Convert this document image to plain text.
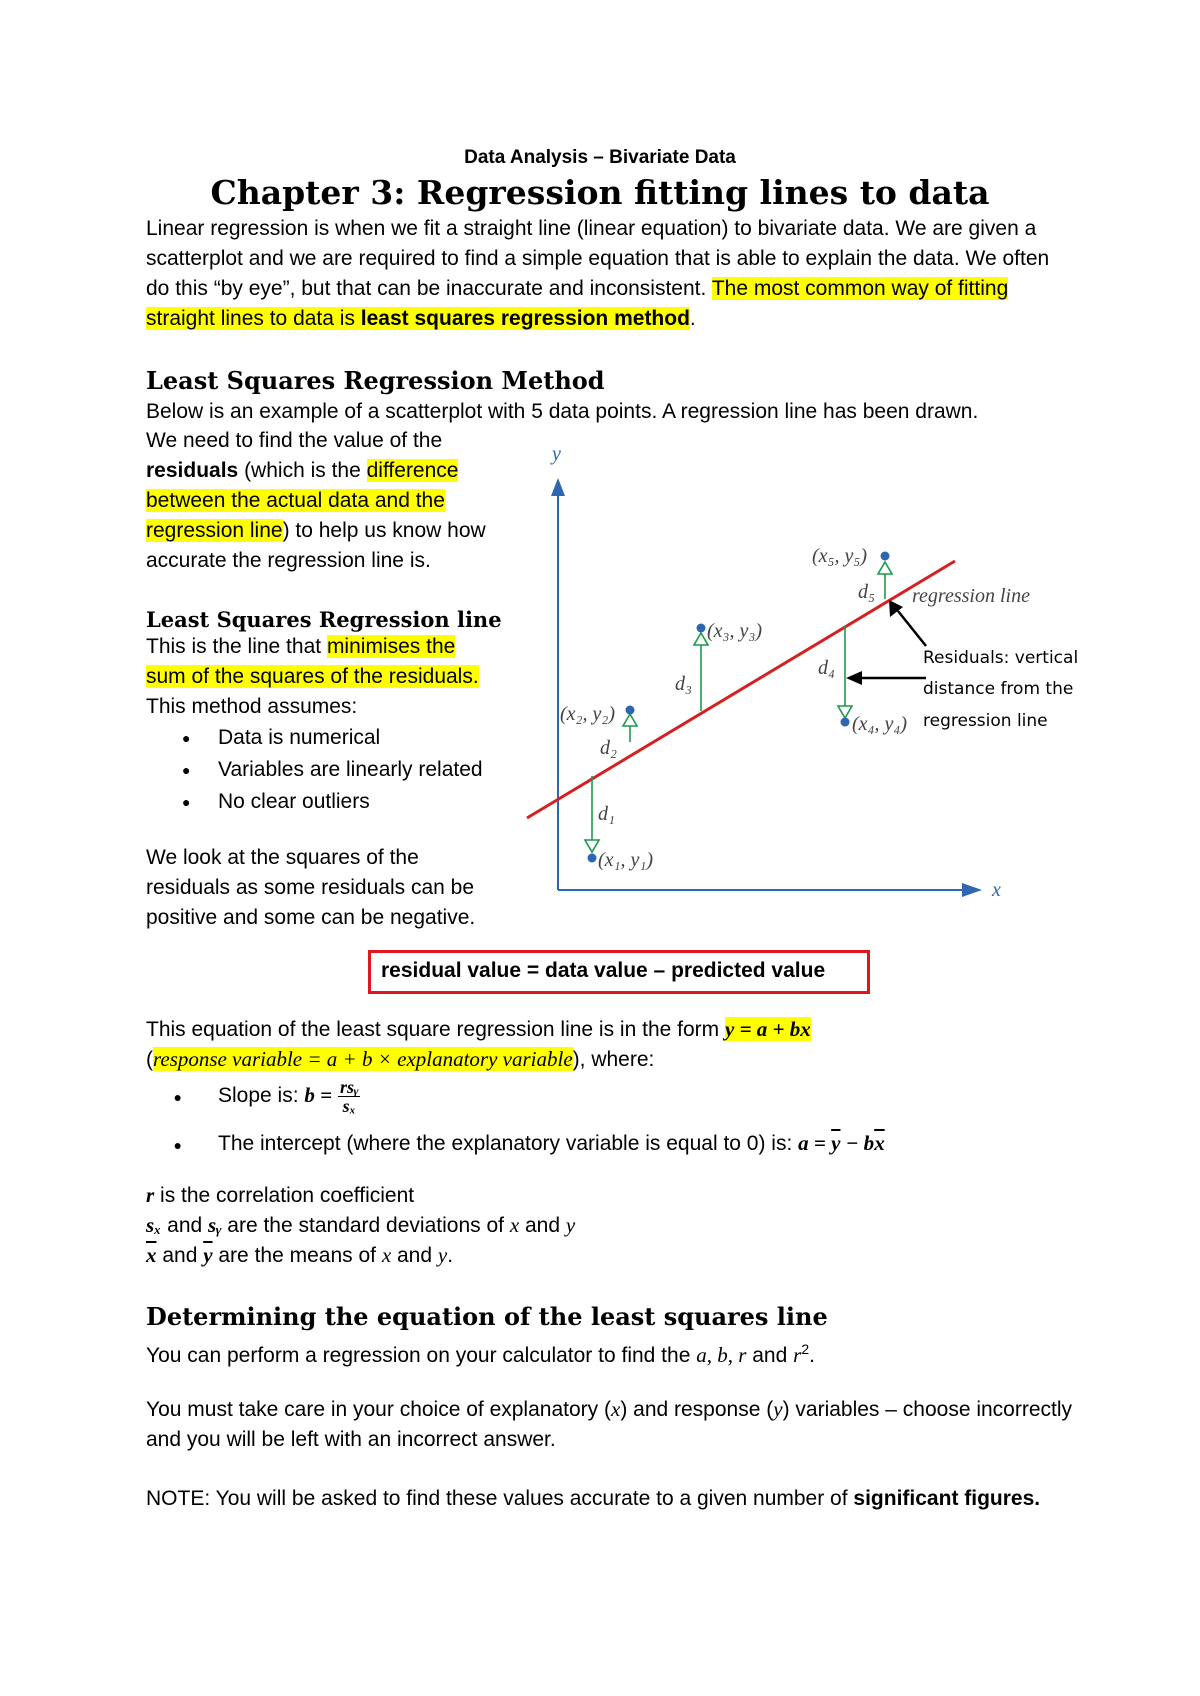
Data Analysis – Bivariate Data
Chapter 3: Regression fitting lines to data
Linear regression is when we fit a straight line (linear equation) to bivariate data. We are given a scatterplot and we are required to find a simple equation that is able to explain the data. We often do this “by eye”, but that can be inaccurate and inconsistent. The most common way of fitting straight lines to data is least squares regression method.
Least Squares Regression Method
Below is an example of a scatterplot with 5 data points. A regression line has been drawn.
We need to find the value of the residuals (which is the difference between the actual data and the regression line) to help us know how accurate the regression line is.
Least Squares Regression line
This is the line that minimises the sum of the squares of the residuals.
This method assumes:
● Data is numerical
● Variables are linearly related
● No clear outliers
We look at the squares of the residuals as some residuals can be positive and some can be negative.
y
x
(x₁, y₁)
(x₂, y₂)
(x₃, y₃)
(x₄, y₄)
(x₅, y₅)
d₁
d₂
d₃
d₄
d₅ regression line
Residuals: vertical
distance from the
regression line
residual value = data value – predicted value
This equation of the least square regression line is in the form y = a + bx
(response variable = a + b × explanatory variable), where:
● Slope is: $b = \frac{\text{rsᵧ}}{\text{sₓ}}$
● The intercept (where the explanatory variable is equal to 0) is: $a = \overline{y} - b\overline{x}$
r is the correlation coefficient
sₓ and sᵧ are the standard deviations of x and y
$\overline{x}$ and $\overline{y}$ are the means of x and y.
Determining the equation of the least squares line
You can perform a regression on your calculator to find the a, b, r and $r^2$.
You must take care in your choice of explanatory (x) and response (y) variables – choose incorrectly and you will be left with an incorrect answer.
NOTE: You will be asked to find these values accurate to a given number of significant figures.
